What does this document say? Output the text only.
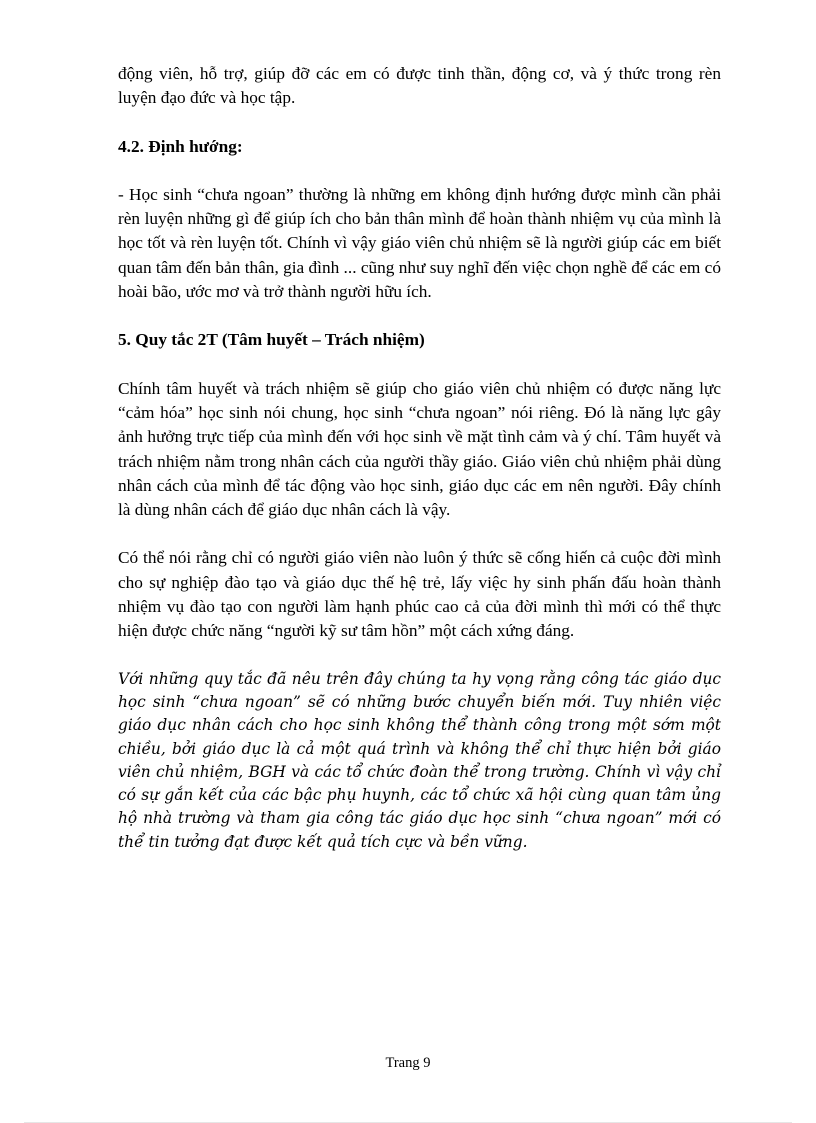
động viên, hỗ trợ, giúp đỡ các em có được tinh thần, động cơ, và ý thức trong rèn luyện đạo đức và học tập.

4.2. Định hướng:

- Học sinh “chưa ngoan” thường là những em không định hướng được mình cần phải rèn luyện những gì để giúp ích cho bản thân mình để hoàn thành nhiệm vụ của mình là học tốt và rèn luyện tốt. Chính vì vậy giáo viên chủ nhiệm sẽ là người giúp các em biết quan tâm đến bản thân, gia đình ... cũng như suy nghĩ đến việc chọn nghề để các em có hoài bão, ước mơ và trở thành người hữu ích.

5. Quy tắc 2T (Tâm huyết – Trách nhiệm)

Chính tâm huyết và trách nhiệm sẽ giúp cho giáo viên chủ nhiệm có được năng lực “cảm hóa” học sinh nói chung, học sinh “chưa ngoan” nói riêng. Đó là năng lực gây ảnh hưởng trực tiếp của mình đến với học sinh về mặt tình cảm và ý chí. Tâm huyết và trách nhiệm nằm trong nhân cách của người thầy giáo. Giáo viên chủ nhiệm phải dùng nhân cách của mình để tác động vào học sinh, giáo dục các em nên người. Đây chính là dùng nhân cách để giáo dục nhân cách là vậy.

Có thể nói rằng chỉ có người giáo viên nào luôn ý thức sẽ cống hiến cả cuộc đời mình cho sự nghiệp đào tạo và giáo dục thế hệ trẻ, lấy việc hy sinh phấn đấu hoàn thành nhiệm vụ đào tạo con người làm hạnh phúc cao cả của đời mình thì mới có thể thực hiện được chức năng “người kỹ sư tâm hồn” một cách xứng đáng.

Với những quy tắc đã nêu trên đây chúng ta hy vọng rằng công tác giáo dục học sinh “chưa ngoan” sẽ có những bước chuyển biến mới. Tuy nhiên việc giáo dục nhân cách cho học sinh không thể thành công trong một sớm một chiều, bởi giáo dục là cả một quá trình và không thể chỉ thực hiện bởi giáo viên chủ nhiệm, BGH và các tổ chức đoàn thể trong trường. Chính vì vậy chỉ có sự gắn kết của các bậc phụ huynh, các tổ chức xã hội cùng quan tâm ủng hộ nhà trường và tham gia công tác giáo dục học sinh “chưa ngoan” mới có thể tin tưởng đạt được kết quả tích cực và bền vững.

Trang 9
